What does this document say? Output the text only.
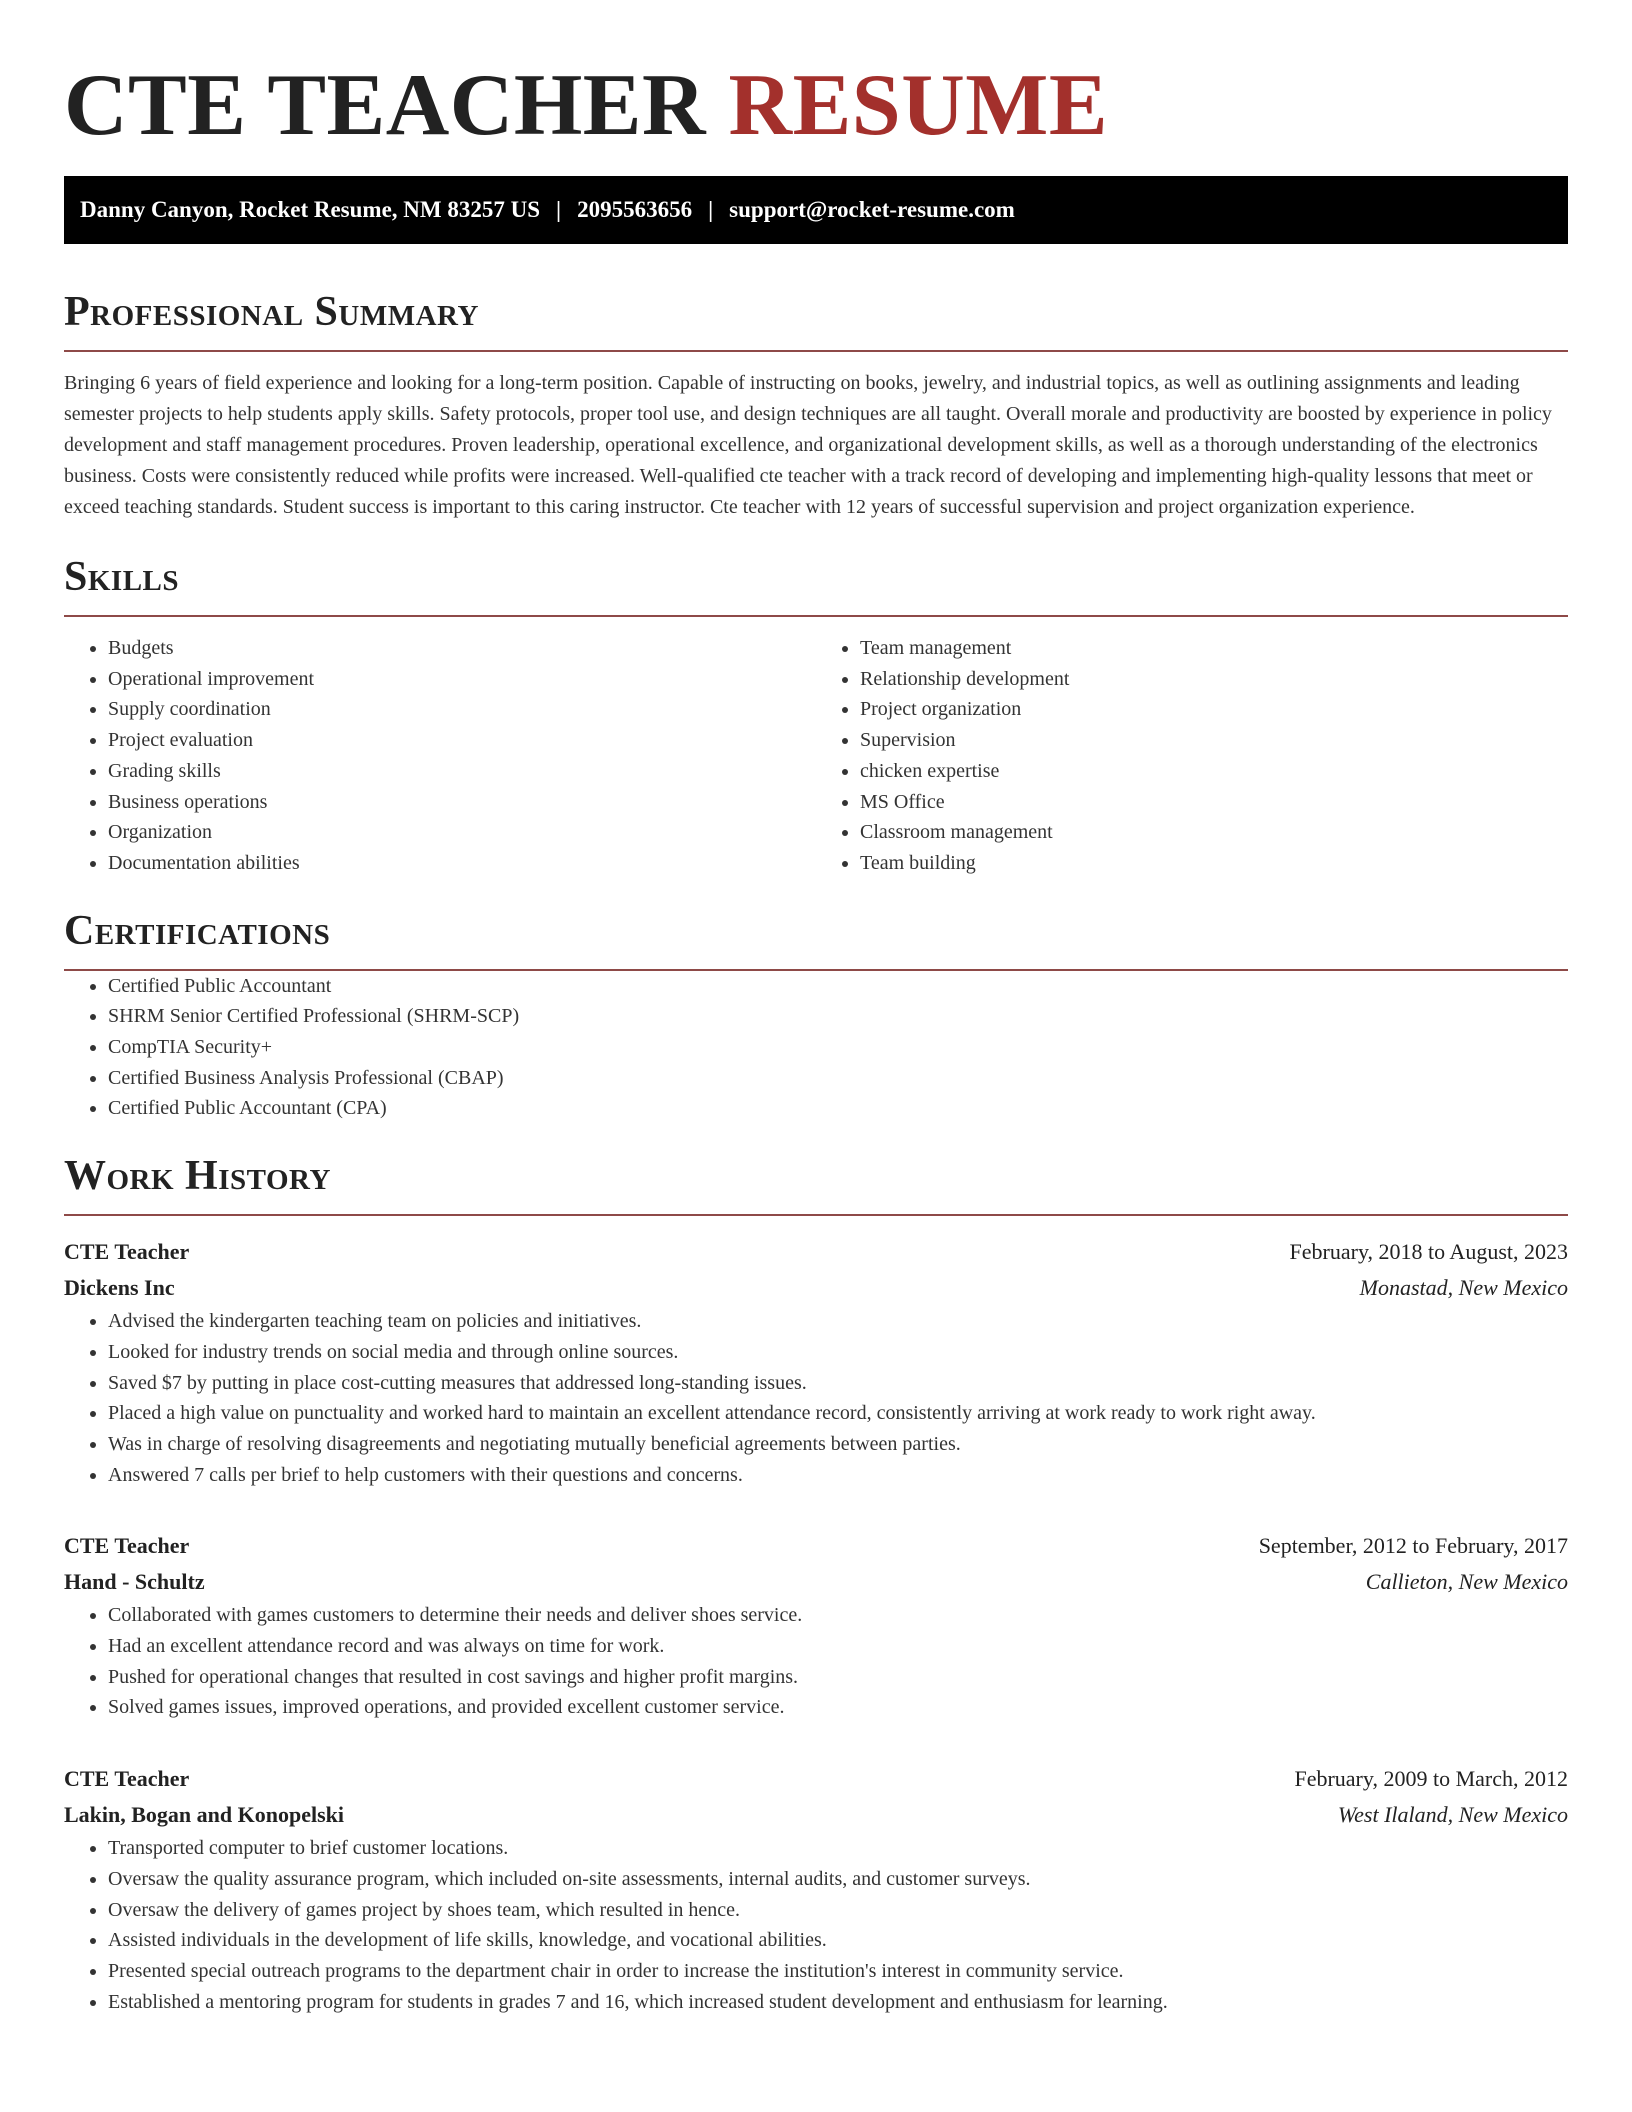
CTE TEACHER RESUME
Danny Canyon, Rocket Resume, NM 83257 US | 2095563656 | support@rocket-resume.com
Professional Summary

Bringing 6 years of field experience and looking for a long-term position. Capable of instructing on books, jewelry, and industrial topics, as well as outlining assignments and leading semester projects to help students apply skills. Safety protocols, proper tool use, and design techniques are all taught. Overall morale and productivity are boosted by experience in policy development and staff management procedures. Proven leadership, operational excellence, and organizational development skills, as well as a thorough understanding of the electronics business. Costs were consistently reduced while profits were increased. Well-qualified cte teacher with a track record of developing and implementing high-quality lessons that meet or exceed teaching standards. Student success is important to this caring instructor. Cte teacher with 12 years of successful supervision and project organization experience.

Skills
• Budgets
• Operational improvement
• Supply coordination
• Project evaluation
• Grading skills
• Business operations
• Organization
• Documentation abilities
• Team management
• Relationship development
• Project organization
• Supervision
• chicken expertise
• MS Office
• Classroom management
• Team building
Certifications
• Certified Public Accountant
• SHRM Senior Certified Professional (SHRM-SCP)
• CompTIA Security+
• Certified Business Analysis Professional (CBAP)
• Certified Public Accountant (CPA)
Work History
CTE Teacher	February, 2018 to August, 2023
Dickens Inc	Monastad, New Mexico
• Advised the kindergarten teaching team on policies and initiatives.
• Looked for industry trends on social media and through online sources.
• Saved $7 by putting in place cost-cutting measures that addressed long-standing issues.
• Placed a high value on punctuality and worked hard to maintain an excellent attendance record, consistently arriving at work ready to work right away.
• Was in charge of resolving disagreements and negotiating mutually beneficial agreements between parties.
• Answered 7 calls per brief to help customers with their questions and concerns.
CTE Teacher	September, 2012 to February, 2017
Hand - Schultz	Callieton, New Mexico
• Collaborated with games customers to determine their needs and deliver shoes service.
• Had an excellent attendance record and was always on time for work.
• Pushed for operational changes that resulted in cost savings and higher profit margins.
• Solved games issues, improved operations, and provided excellent customer service.
CTE Teacher	February, 2009 to March, 2012
Lakin, Bogan and Konopelski	West Ilaland, New Mexico
• Transported computer to brief customer locations.
• Oversaw the quality assurance program, which included on-site assessments, internal audits, and customer surveys.
• Oversaw the delivery of games project by shoes team, which resulted in hence.
• Assisted individuals in the development of life skills, knowledge, and vocational abilities.
• Presented special outreach programs to the department chair in order to increase the institution's interest in community service.
• Established a mentoring program for students in grades 7 and 16, which increased student development and enthusiasm for learning.
